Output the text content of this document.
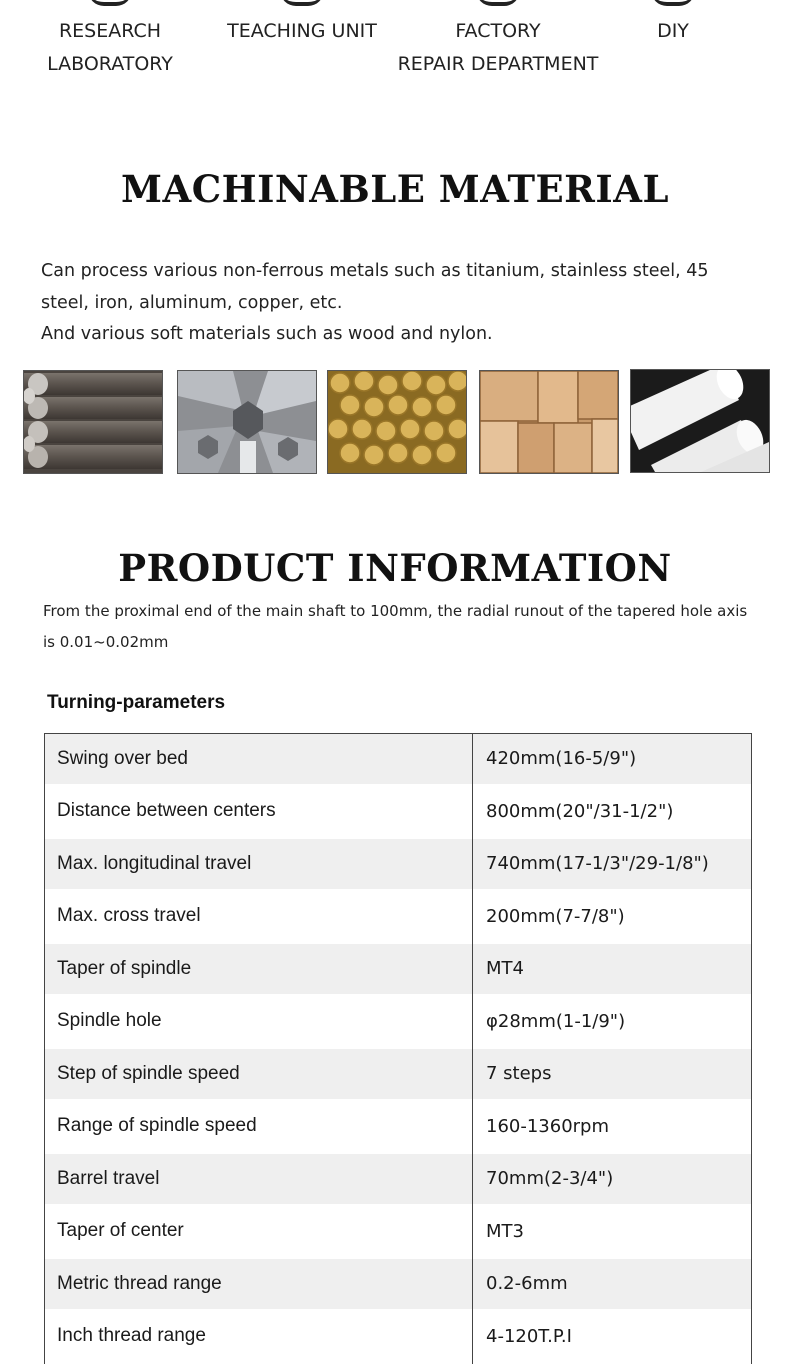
RESEARCH
LABORATORY
TEACHING UNIT	FACTORY
REPAIR DEPARTMENT
DIY
MACHINABLE MATERIAL

Can process various non-ferrous metals such as titanium, stainless steel, 45 steel, iron, aluminum, copper, etc.

And various soft materials such as wood and nylon.

PRODUCT INFORMATION

From the proximal end of the main shaft to 100mm, the radial runout of the tapered hole axis is 0.01~0.02mm

Turning-parameters
Swing over bed	420mm(16-5/9")
Distance between centers	800mm(20"/31-1/2")
Max. longitudinal travel	740mm(17-1/3"/29-1/8")
Max. cross travel	200mm(7-7/8")
Taper of spindle	MT4
Spindle hole	φ28mm(1-1/9")
Step of spindle speed	7 steps
Range of spindle speed	160-1360rpm
Barrel travel	70mm(2-3/4")
Taper of center	MT3
Metric thread range	0.2-6mm
Inch thread range	4-120T.P.I
